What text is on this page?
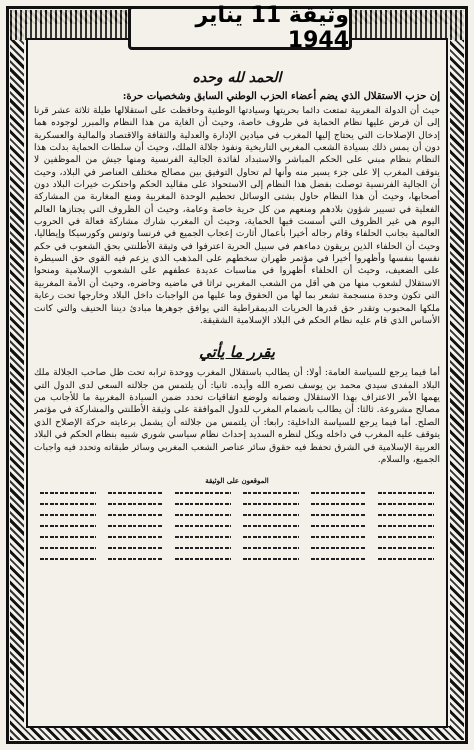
وثيقة 11 يناير 1944
الحمد لله وحده

إن حزب الاستقلال الذي يضم أعضاء الحزب الوطني السابق وشخصيات حرة:

حيث أن الدولة المغربية تمتعت دائما بحريتها وسيادتها الوطنية وحافظت على استقلالها طيلة ثلاثة عشر قرنا إلى أن فرض عليها نظام الحماية في ظروف خاصة، وحيث أن الغاية من هذا النظام والمبرر لوجوده هما إدخال الإصلاحات التي يحتاج إليها المغرب في ميادين الإدارة والعدلية والثقافة والاقتصاد والمالية والعسكرية دون أن يمس ذلك بسيادة الشعب المغربي التاريخية ونفوذ جلالة الملك، وحيث أن سلطات الحماية بدلت هذا النظام بنظام مبني على الحكم المباشر والاستبداد لفائدة الجالية الفرنسية ومنها جيش من الموظفين لا يتوقف المغرب إلا على جزء يسير منه وأنها لم تحاول التوفيق بين مصالح مختلف العناصر في البلاد، وحيث أن الجالية الفرنسية توصلت بفضل هذا النظام إلى الاستحواذ على مقاليد الحكم واحتكرت خيرات البلاد دون أصحابها، وحيث أن هذا النظام حاول بشتى الوسائل تحطيم الوحدة المغربية ومنع المغاربة من المشاركة الفعلية في تسيير شؤون بلادهم ومنعهم من كل حرية خاصة وعامة، وحيث أن الظروف التي يجتازها العالم اليوم هي غير الظروف التي أسست فيها الحماية، وحيث أن المغرب شارك مشاركة فعالة في الحروب العالمية بجانب الحلفاء وقام رجاله أخيرا بأعمال أثارت إعجاب الجميع في فرنسا وتونس وكورسيكا وإيطاليا، وحيث أن الحلفاء الذين يريقون دماءهم في سبيل الحرية اعترفوا في وثيقة الأطلنتي بحق الشعوب في حكم نفسها بنفسها وأظهروا أخيرا في مؤتمر طهران سخطهم على المذهب الذي يزعم فيه القوي حق السيطرة على الضعيف، وحيث أن الحلفاء أظهروا في مناسبات عديدة عطفهم على الشعوب الإسلامية ومنحوا الاستقلال لشعوب منها من هي أقل من الشعب المغربي تراثا في ماضيه وحاضره، وحيث أن الأمة المغربية التي تكون وحدة منسجمة تشعر بما لها من الحقوق وما عليها من الواجبات داخل البلاد وخارجها تحت رعاية ملكها المحبوب وتقدر حق قدرها الحريات الديمقراطية التي يوافق جوهرها مبادئ ديننا الحنيف والتي كانت الأساس الذي قام عليه نظام الحكم في البلاد الإسلامية الشقيقة.

يقرر ما يأتي

أما فيما يرجع للسياسة العامة: أولا: أن يطالب باستقلال المغرب ووحدة ترابه تحت ظل صاحب الجلالة ملك البلاد المفدى سيدي محمد بن يوسف نصره الله وأيده. ثانيا: أن يلتمس من جلالته السعي لدى الدول التي يهمها الأمر الاعتراف بهذا الاستقلال وضمانه ولوضع اتفاقيات تحدد ضمن السيادة المغربية ما للأجانب من مصالح مشروعة. ثالثا: أن يطالب بانضمام المغرب للدول الموافقة على وثيقة الأطلنتي والمشاركة في مؤتمر الصلح. أما فيما يرجع للسياسة الداخلية: رابعا: أن يلتمس من جلالته أن يشمل برعايته حركة الإصلاح الذي يتوقف عليه المغرب في داخله ويكل لنظره السديد إحداث نظام سياسي شوري شبيه بنظام الحكم في البلاد العربية الإسلامية في الشرق تحفظ فيه حقوق سائر عناصر الشعب المغربي وسائر طبقاته وتحدد فيه واجبات الجميع، والسلام.

الموقعون على الوثيقة
